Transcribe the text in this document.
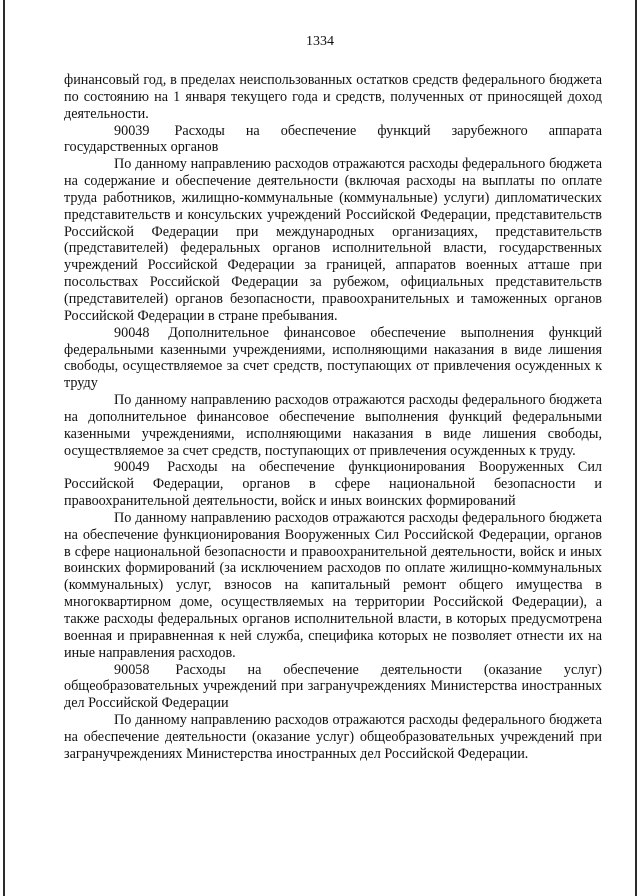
1334

финансовый год, в пределах неиспользованных остатков средств федерального бюджета по состоянию на 1 января текущего года и средств, полученных от приносящей доход деятельности.

90039 Расходы на обеспечение функций зарубежного аппарата государственных органов

По данному направлению расходов отражаются расходы федерального бюджета на содержание и обеспечение деятельности (включая расходы на выплаты по оплате труда работников, жилищно-коммунальные (коммунальные) услуги) дипломатических представительств и консульских учреждений Российской Федерации, представительств Российской Федерации при международных организациях, представительств (представителей) федеральных органов исполнительной власти, государственных учреждений Российской Федерации за границей, аппаратов военных атташе при посольствах Российской Федерации за рубежом, официальных представительств (представителей) органов безопасности, правоохранительных и таможенных органов Российской Федерации в стране пребывания.

90048 Дополнительное финансовое обеспечение выполнения функций федеральными казенными учреждениями, исполняющими наказания в виде лишения свободы, осуществляемое за счет средств, поступающих от привлечения осужденных к труду

По данному направлению расходов отражаются расходы федерального бюджета на дополнительное финансовое обеспечение выполнения функций федеральными казенными учреждениями, исполняющими наказания в виде лишения свободы, осуществляемое за счет средств, поступающих от привлечения осужденных к труду.

90049 Расходы на обеспечение функционирования Вооруженных Сил Российской Федерации, органов в сфере национальной безопасности и правоохранительной деятельности, войск и иных воинских формирований

По данному направлению расходов отражаются расходы федерального бюджета на обеспечение функционирования Вооруженных Сил Российской Федерации, органов в сфере национальной безопасности и правоохранительной деятельности, войск и иных воинских формирований (за исключением расходов по оплате жилищно-коммунальных (коммунальных) услуг, взносов на капитальный ремонт общего имущества в многоквартирном доме, осуществляемых на территории Российской Федерации), а также расходы федеральных органов исполнительной власти, в которых предусмотрена военная и приравненная к ней служба, специфика которых не позволяет отнести их на иные направления расходов.

90058 Расходы на обеспечение деятельности (оказание услуг) общеобразовательных учреждений при загранучреждениях Министерства иностранных дел Российской Федерации

По данному направлению расходов отражаются расходы федерального бюджета на обеспечение деятельности (оказание услуг) общеобразовательных учреждений при загранучреждениях Министерства иностранных дел Российской Федерации.
